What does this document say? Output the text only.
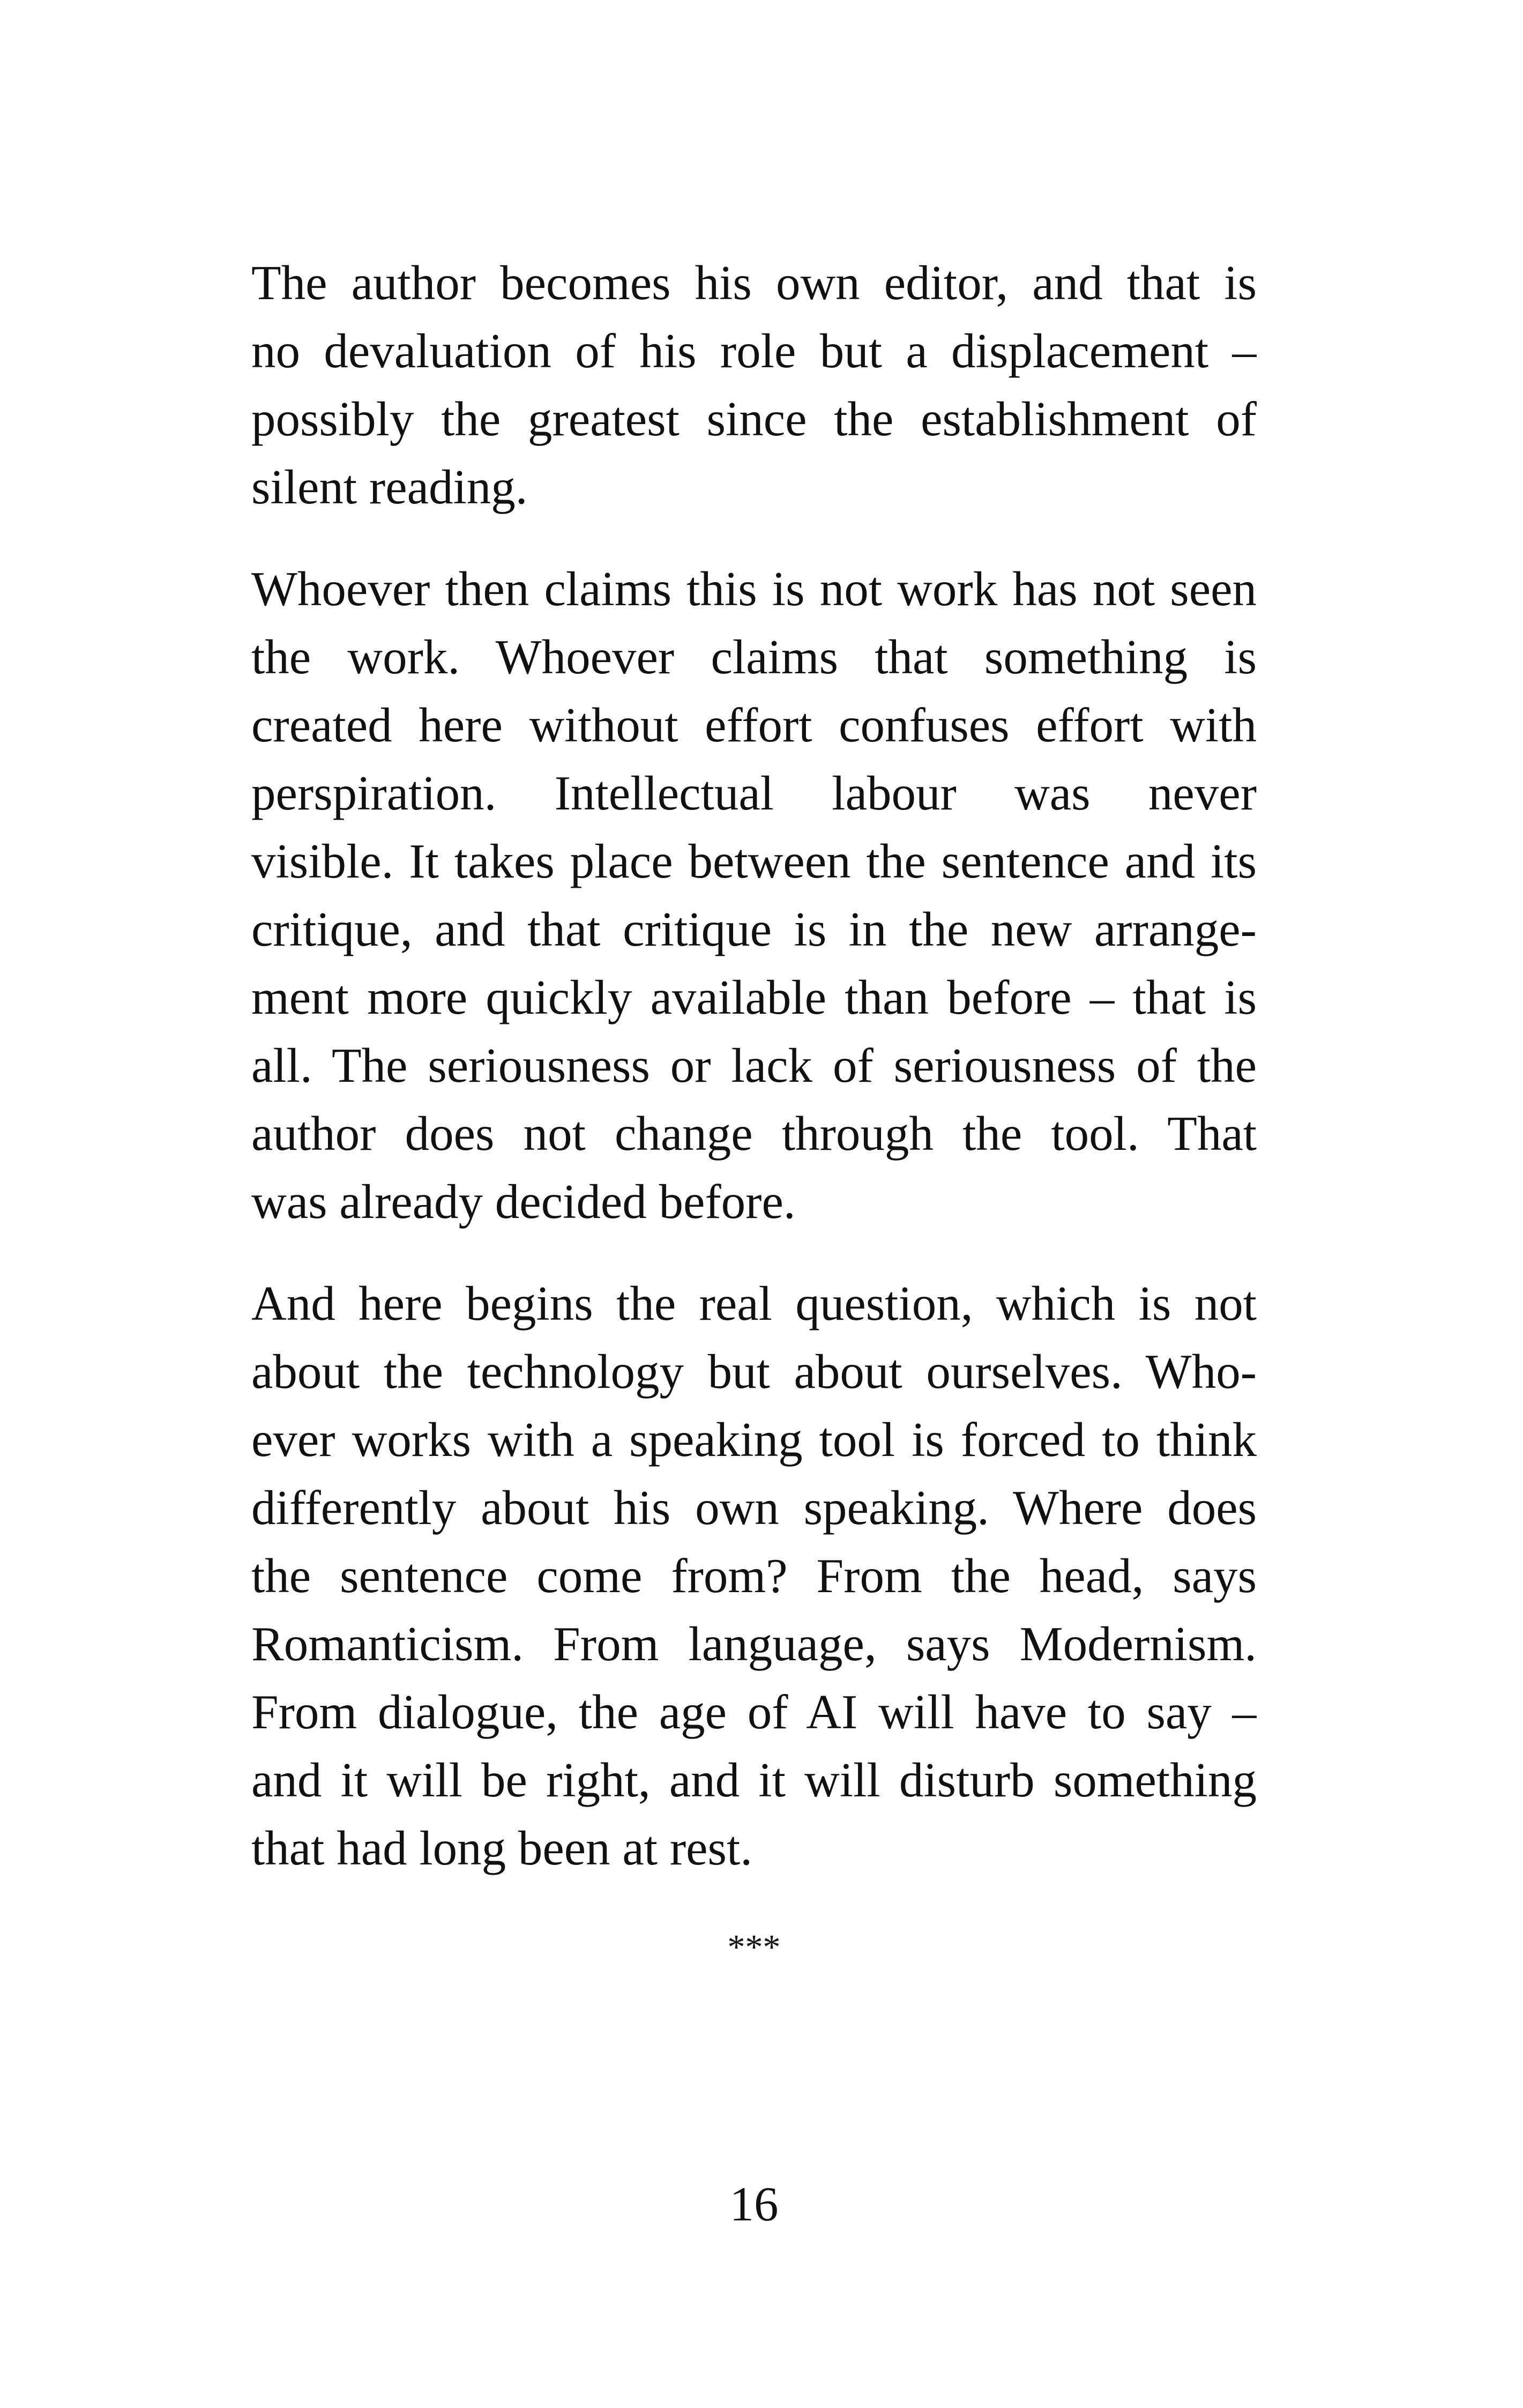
The author becomes his own editor, and that is
no devaluation of his role but a displacement –
possibly the greatest since the establishment of
silent reading.
Whoever then claims this is not work has not seen
the work. Whoever claims that something is
created here without effort confuses effort with
perspiration. Intellectual labour was never
visible. It takes place between the sentence and its
critique, and that critique is in the new arrange-
ment more quickly available than before – that is
all. The seriousness or lack of seriousness of the
author does not change through the tool. That
was already decided before.
And here begins the real question, which is not
about the technology but about ourselves. Who-
ever works with a speaking tool is forced to think
differently about his own speaking. Where does
the sentence come from? From the head, says
Romanticism. From language, says Modernism.
From dialogue, the age of AI will have to say –
and it will be right, and it will disturb something
that had long been at rest.
***
16
